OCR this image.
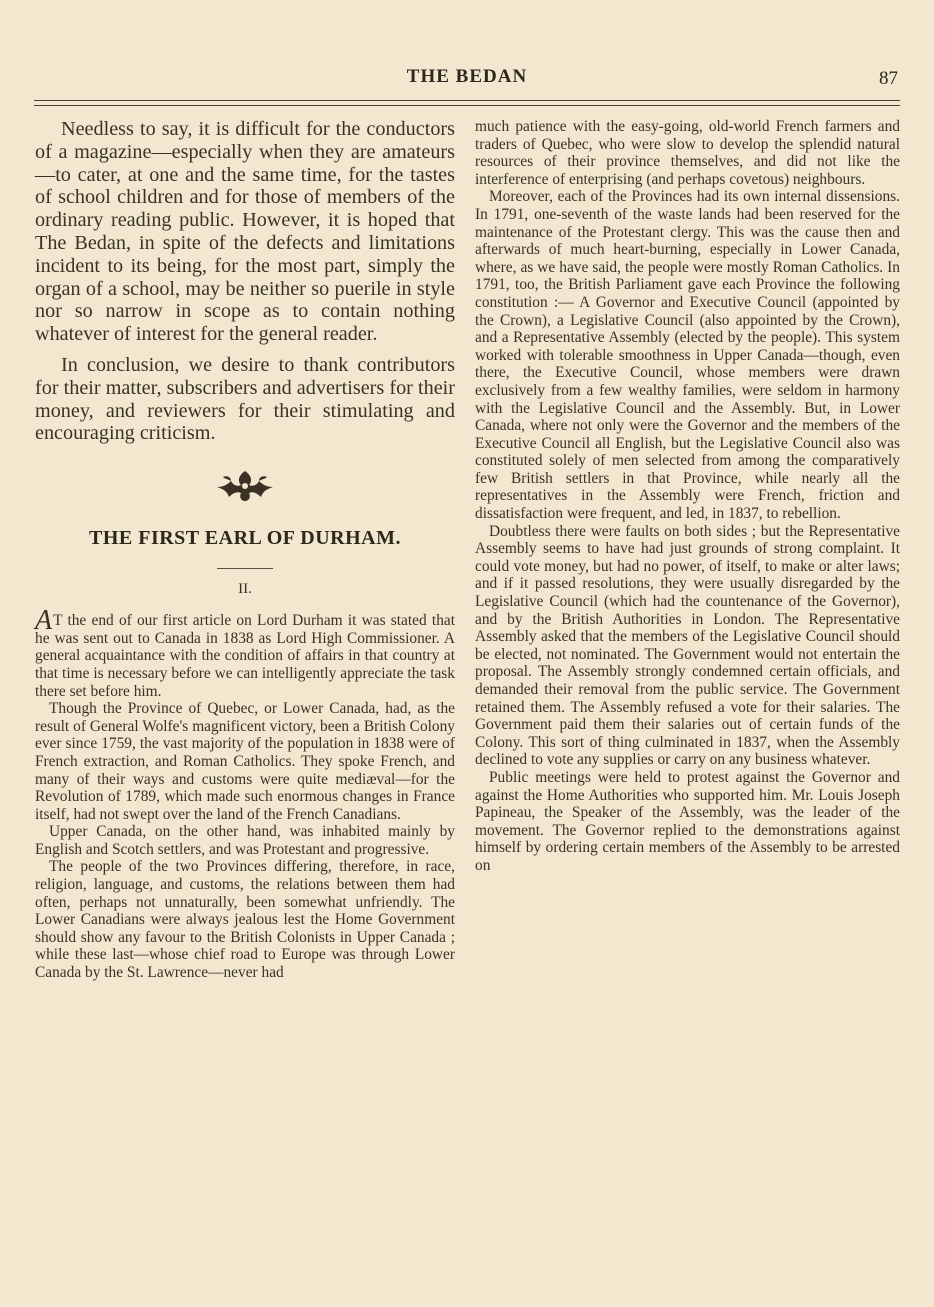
THE BEDAN	87

Needless to say, it is difficult for the conductors of a magazine—especially when they are amateurs—to cater, at one and the same time, for the tastes of school children and for those of members of the ordinary reading public. However, it is hoped that The Bedan, in spite of the defects and limitations incident to its being, for the most part, simply the organ of a school, may be neither so puerile in style nor so narrow in scope as to contain nothing whatever of interest for the general reader.

In conclusion, we desire to thank contributors for their matter, subscribers and advertisers for their money, and reviewers for their stimulating and encouraging criticism.

THE FIRST EARL OF DURHAM.
II.

AT the end of our first article on Lord Durham it was stated that he was sent out to Canada in 1838 as Lord High Commissioner. A general acquaintance with the condition of affairs in that country at that time is necessary before we can intelligently appreciate the task there set before him.

Though the Province of Quebec, or Lower Canada, had, as the result of General Wolfe's magnificent victory, been a British Colony ever since 1759, the vast majority of the population in 1838 were of French extraction, and Roman Catholics. They spoke French, and many of their ways and customs were quite mediæval—for the Revolution of 1789, which made such enormous changes in France itself, had not swept over the land of the French Canadians.

Upper Canada, on the other hand, was inhabited mainly by English and Scotch settlers, and was Protestant and progressive.

The people of the two Provinces differing, therefore, in race, religion, language, and customs, the relations between them had often, perhaps not unnaturally, been somewhat unfriendly. The Lower Canadians were always jealous lest the Home Government should show any favour to the British Colonists in Upper Canada ; while these last—whose chief road to Europe was through Lower Canada by the St. Lawrence—never had

much patience with the easy-going, old-world French farmers and traders of Quebec, who were slow to develop the splendid natural resources of their province themselves, and did not like the interference of enterprising (and perhaps covetous) neighbours.

Moreover, each of the Provinces had its own internal dissensions. In 1791, one-seventh of the waste lands had been reserved for the maintenance of the Protestant clergy. This was the cause then and afterwards of much heart-burning, especially in Lower Canada, where, as we have said, the people were mostly Roman Catholics. In 1791, too, the British Parliament gave each Province the following constitution :— A Governor and Executive Council (appointed by the Crown), a Legislative Council (also appointed by the Crown), and a Representative Assembly (elected by the people). This system worked with tolerable smoothness in Upper Canada—though, even there, the Executive Council, whose members were drawn exclusively from a few wealthy families, were seldom in harmony with the Legislative Council and the Assembly. But, in Lower Canada, where not only were the Governor and the members of the Executive Council all English, but the Legislative Council also was constituted solely of men selected from among the comparatively few British settlers in that Province, while nearly all the representatives in the Assembly were French, friction and dissatisfaction were frequent, and led, in 1837, to rebellion.

Doubtless there were faults on both sides ; but the Representative Assembly seems to have had just grounds of strong complaint. It could vote money, but had no power, of itself, to make or alter laws; and if it passed resolutions, they were usually disregarded by the Legislative Council (which had the countenance of the Governor), and by the British Authorities in London. The Representative Assembly asked that the members of the Legislative Council should be elected, not nominated. The Government would not entertain the proposal. The Assembly strongly condemned certain officials, and demanded their removal from the public service. The Government retained them. The Assembly refused a vote for their salaries. The Government paid them their salaries out of certain funds of the Colony. This sort of thing culminated in 1837, when the Assembly declined to vote any supplies or carry on any business whatever.

Public meetings were held to protest against the Governor and against the Home Authorities who supported him. Mr. Louis Joseph Papineau, the Speaker of the Assembly, was the leader of the movement. The Governor replied to the demonstrations against himself by ordering certain members of the Assembly to be arrested on
